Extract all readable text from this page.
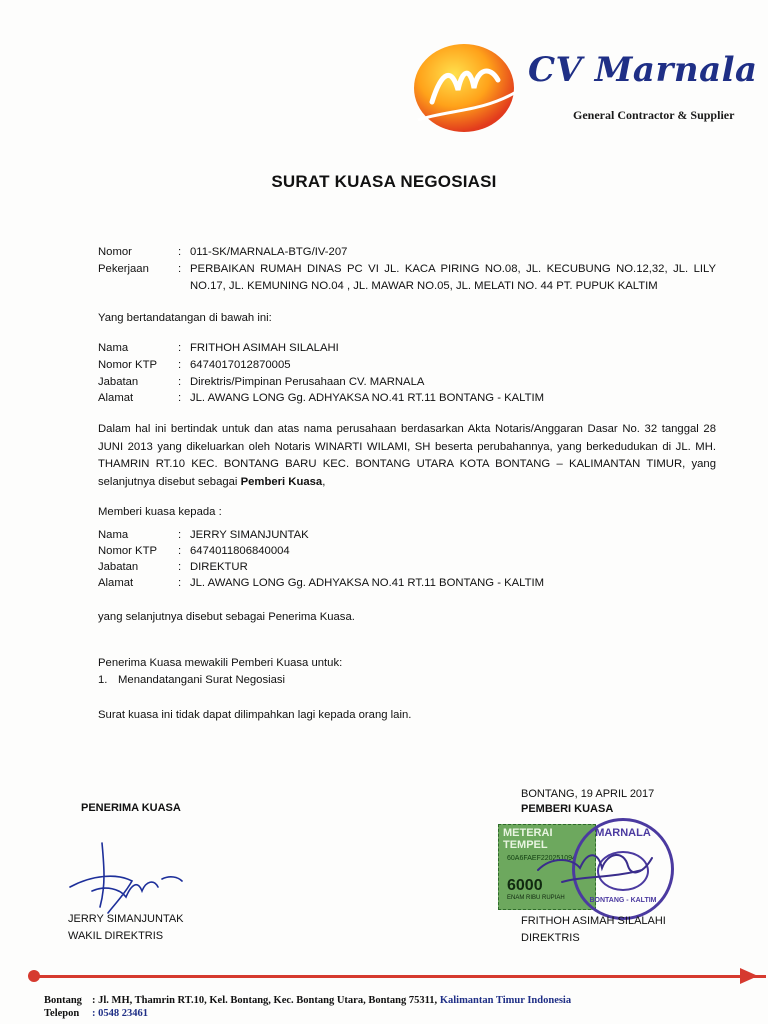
CV Marnala
General Contractor & Supplier
SURAT KUASA NEGOSIASI
Nomor	: 011-SK/MARNALA-BTG/IV-207
Pekerjaan	: PERBAIKAN RUMAH DINAS PC VI JL. KACA PIRING NO.08, JL. KECUBUNG NO.12,32, JL. LILY
NO.17, JL. KEMUNING NO.04 , JL. MAWAR NO.05, JL. MELATI NO. 44 PT. PUPUK KALTIM
Yang bertandatangan di bawah ini:
Nama	: FRITHOH ASIMAH SILALAHI
Nomor KTP : 6474017012870005
Jabatan	: Direktris/Pimpinan Perusahaan CV. MARNALA
Alamat	: JL. AWANG LONG Gg. ADHYAKSA NO.41 RT.11 BONTANG - KALTIM
Dalam hal ini bertindak untuk dan atas nama perusahaan berdasarkan Akta Notaris/Anggaran Dasar No. 32 tanggal 28 JUNI 2013 yang dikeluarkan oleh Notaris WINARTI WILAMI, SH beserta perubahannya, yang berkedudukan di JL. MH. THAMRIN RT.10 KEC. BONTANG BARU KEC. BONTANG UTARA KOTA BONTANG – KALIMANTAN TIMUR, yang selanjutnya disebut sebagai Pemberi Kuasa,
Memberi kuasa kepada :
Nama	: JERRY SIMANJUNTAK
Nomor KTP : 6474011806840004
Jabatan	: DIREKTUR
Alamat	: JL. AWANG LONG Gg. ADHYAKSA NO.41 RT.11 BONTANG - KALTIM
yang selanjutnya disebut sebagai Penerima Kuasa.
Penerima Kuasa mewakili Pemberi Kuasa untuk:
1. Menandatangani Surat Negosiasi
Surat kuasa ini tidak dapat dilimpahkan lagi kepada orang lain.
BONTANG, 19 APRIL 2017
PENERIMA KUASA	PEMBERI KUASA
JERRY SIMANJUNTAK
WAKIL DIREKTRIS
METERAI TEMPEL
60A6FAEF220251094
6000
ENAM RIBU RUPIAH
MARNALA
BONTANG - KALTIM
FRITHOH ASIMAH SILALAHI
DIREKTRIS
Bontang : Jl. MH, Thamrin RT.10, Kel. Bontang, Kec. Bontang Utara, Bontang 75311, Kalimantan Timur Indonesia
Telepon : 0548 23461
